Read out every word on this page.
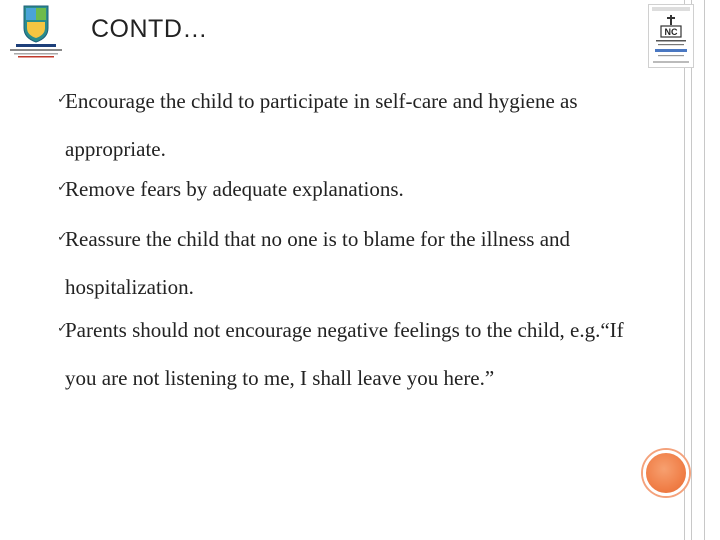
NC
CONTD…
✓
Encourage the child to participate in self-care and hygiene as appropriate.
✓
Remove fears by adequate explanations.
✓
Reassure the child that no one is to blame for the illness and hospitalization.
✓
Parents should not encourage negative feelings to the child, e.g.“If you are not listening to me, I shall leave you here.”
